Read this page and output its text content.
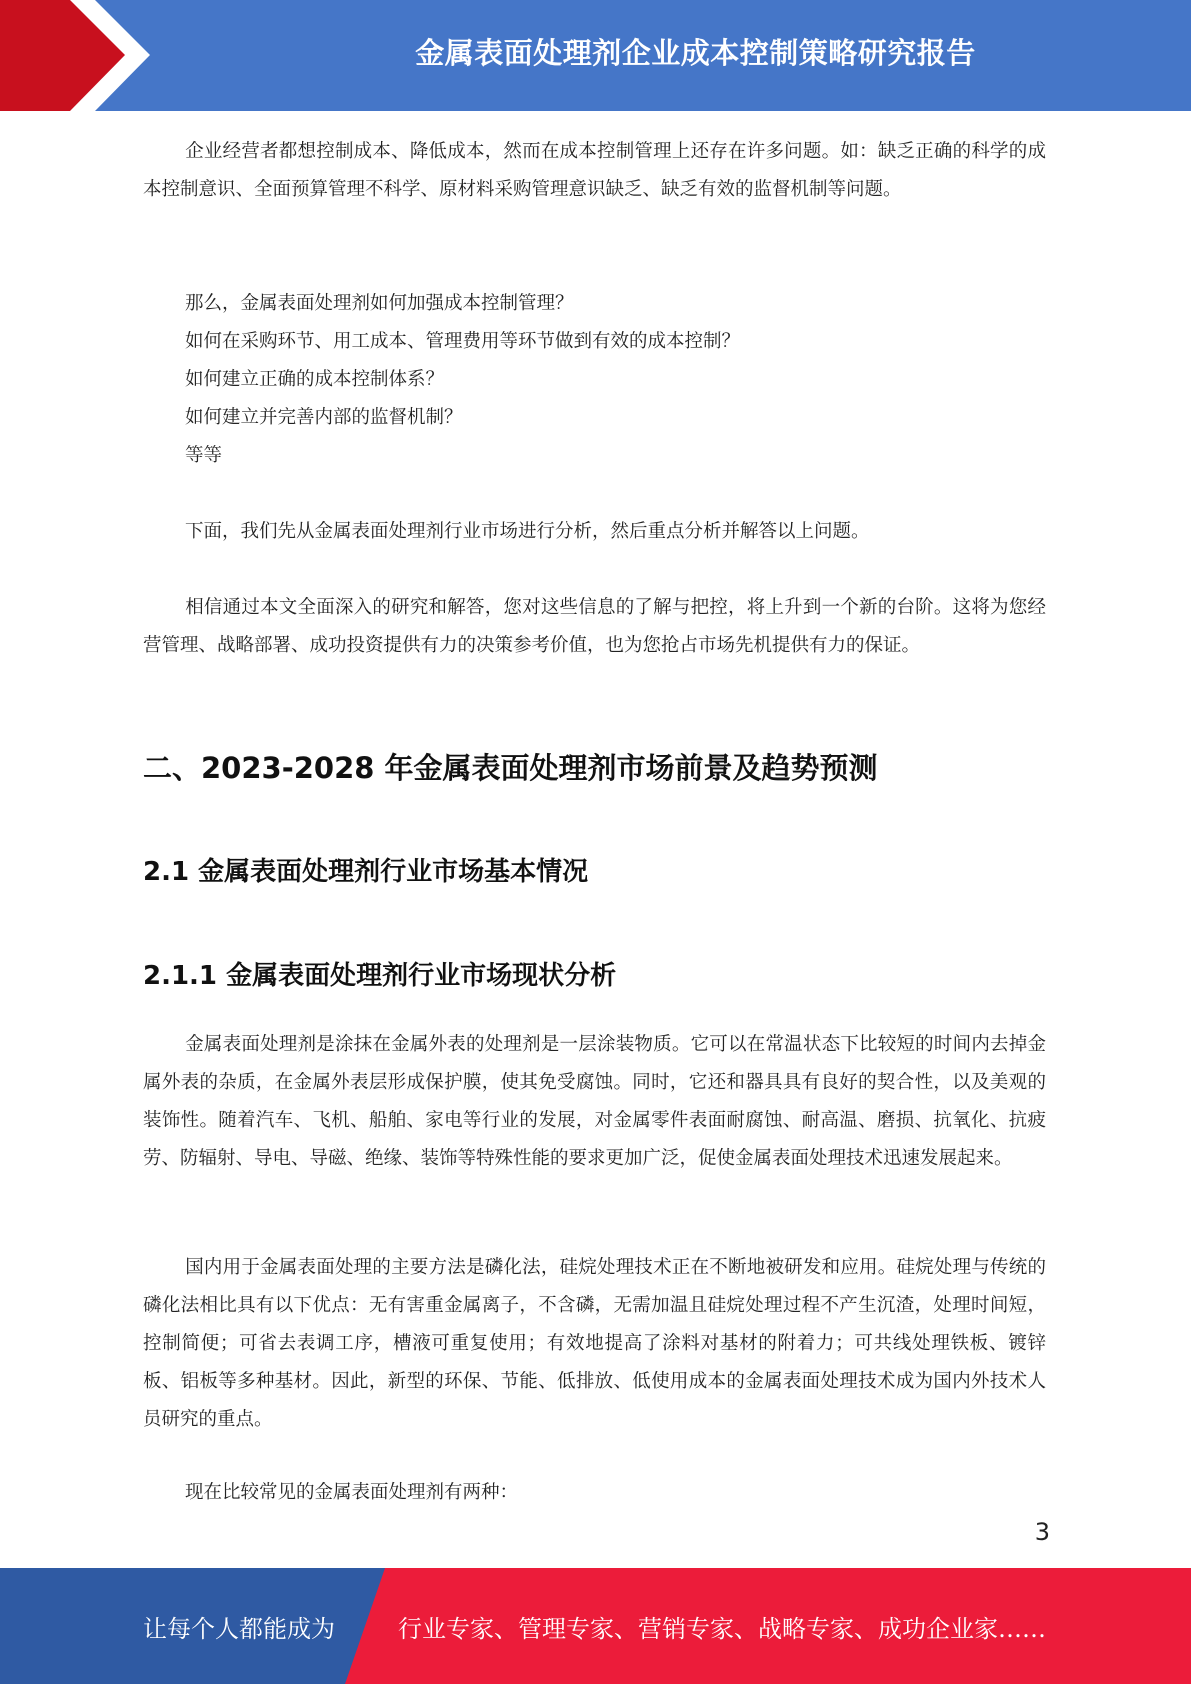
金属表面处理剂企业成本控制策略研究报告

企业经营者都想控制成本、降低成本，然而在成本控制管理上还存在许多问题。如：缺乏正确的科学的成本控制意识、全面预算管理不科学、原材料采购管理意识缺乏、缺乏有效的监督机制等问题。

那么，金属表面处理剂如何加强成本控制管理？

如何在采购环节、用工成本、管理费用等环节做到有效的成本控制？

如何建立正确的成本控制体系？

如何建立并完善内部的监督机制？

等等

下面，我们先从金属表面处理剂行业市场进行分析，然后重点分析并解答以上问题。

相信通过本文全面深入的研究和解答，您对这些信息的了解与把控，将上升到一个新的台阶。这将为您经营管理、战略部署、成功投资提供有力的决策参考价值，也为您抢占市场先机提供有力的保证。

二、2023-2028 年金属表面处理剂市场前景及趋势预测
2.1 金属表面处理剂行业市场基本情况
2.1.1 金属表面处理剂行业市场现状分析

金属表面处理剂是涂抹在金属外表的处理剂是一层涂装物质。它可以在常温状态下比较短的时间内去掉金属外表的杂质，在金属外表层形成保护膜，使其免受腐蚀。同时，它还和器具具有良好的契合性，以及美观的装饰性。随着汽车、飞机、船舶、家电等行业的发展，对金属零件表面耐腐蚀、耐高温、磨损、抗氧化、抗疲劳、防辐射、导电、导磁、绝缘、装饰等特殊性能的要求更加广泛，促使金属表面处理技术迅速发展起来。

国内用于金属表面处理的主要方法是磷化法，硅烷处理技术正在不断地被研发和应用。硅烷处理与传统的磷化法相比具有以下优点：无有害重金属离子，不含磷，无需加温且硅烷处理过程不产生沉渣，处理时间短，控制简便；可省去表调工序，槽液可重复使用；有效地提高了涂料对基材的附着力；可共线处理铁板、镀锌板、铝板等多种基材。因此，新型的环保、节能、低排放、低使用成本的金属表面处理技术成为国内外技术人员研究的重点。

现在比较常见的金属表面处理剂有两种：

3
让每个人都能成为	行业专家、管理专家、营销专家、战略专家、成功企业家……
